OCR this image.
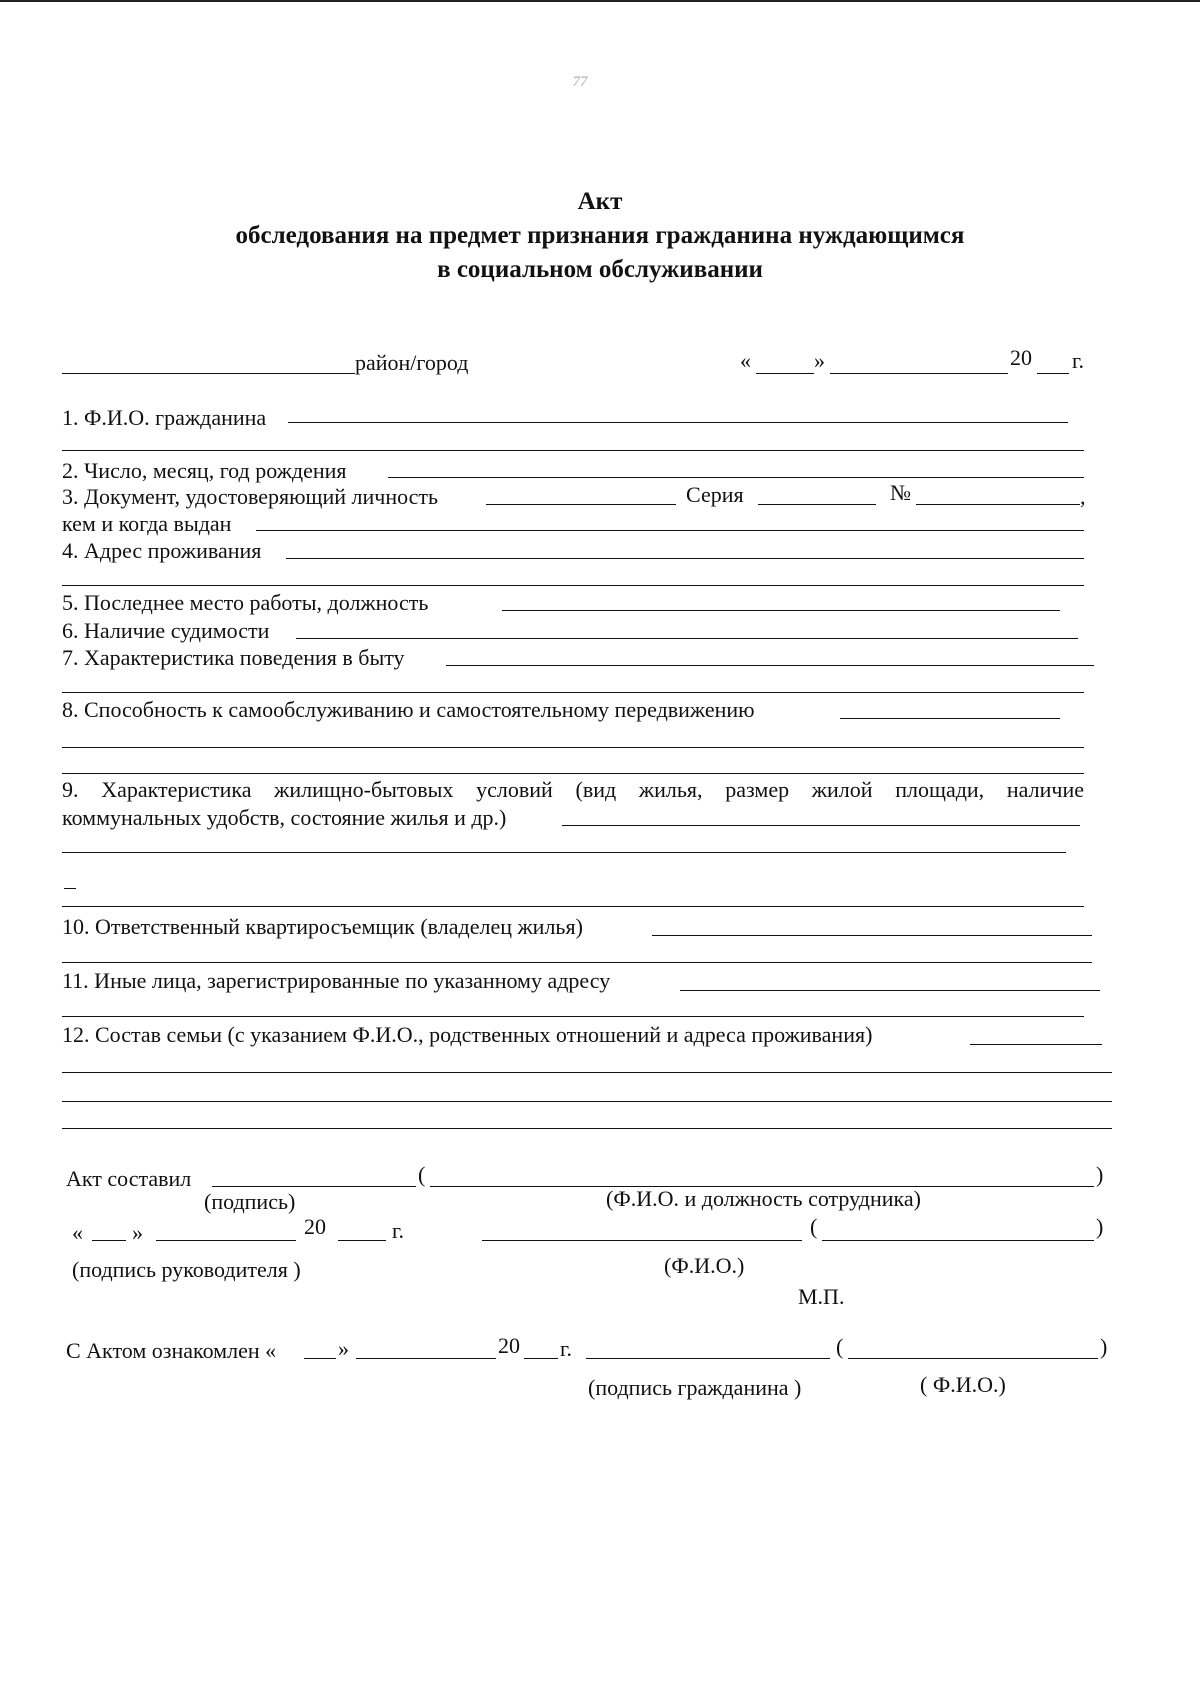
77
Акт
обследования на предмет признания гражданина нуждающимся
в социальном обслуживании
район/город	«	»	20 г.
1. Ф.И.О. гражданина
2. Число, месяц, год рождения
3. Документ, удостоверяющий личность	Серия	№	,
кем и когда выдан
4. Адрес проживания
5. Последнее место работы, должность
6. Наличие судимости
7. Характеристика поведения в быту
8. Способность к самообслуживанию и самостоятельному передвижению
9. Характеристика жилищно-бытовых условий (вид жилья, размер жилой площади, наличие
коммунальных удобств, состояние жилья и др.)
10. Ответственный квартиросъемщик (владелец жилья)
11. Иные лица, зарегистрированные по указанному адресу
12. Состав семьи (с указанием Ф.И.О., родственных отношений и адреса проживания)
Акт составил	(	)
(подпись)	(Ф.И.О. и должность сотрудника)
« »	20	г.	(	)
(подпись руководителя )	(Ф.И.О.)
М.П.
С Актом ознакомлен «	»	20 г.	(	)
(подпись гражданина )	( Ф.И.О.)
